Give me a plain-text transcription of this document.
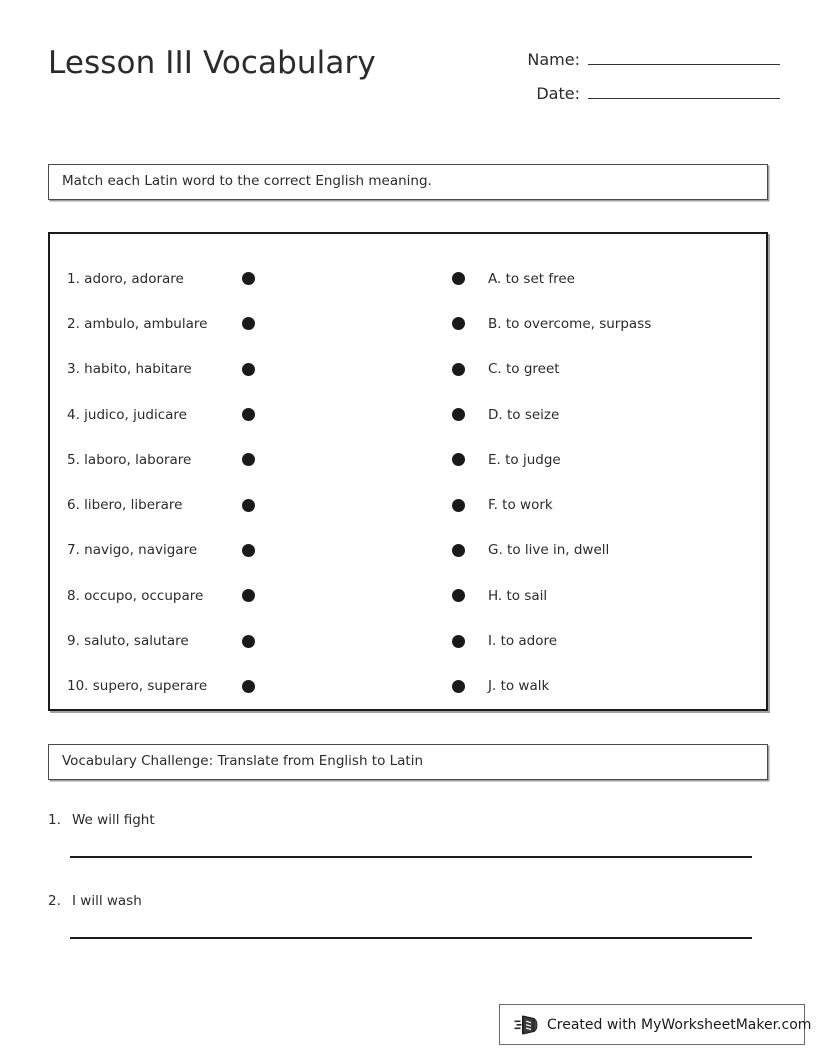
Lesson III Vocabulary	Name:
Date:
Match each Latin word to the correct English meaning.
1. adoro, adorare
2. ambulo, ambulare
3. habito, habitare
4. judico, judicare
5. laboro, laborare
6. libero, liberare
7. navigo, navigare
8. occupo, occupare
9. saluto, salutare
10. supero, superare
A. to set free
B. to overcome, surpass
C. to greet
D. to seize
E. to judge
F. to work
G. to live in, dwell
H. to sail
I. to adore
J. to walk
Vocabulary Challenge: Translate from English to Latin
1. We will fight
2. I will wash
Created with MyWorksheetMaker.com
